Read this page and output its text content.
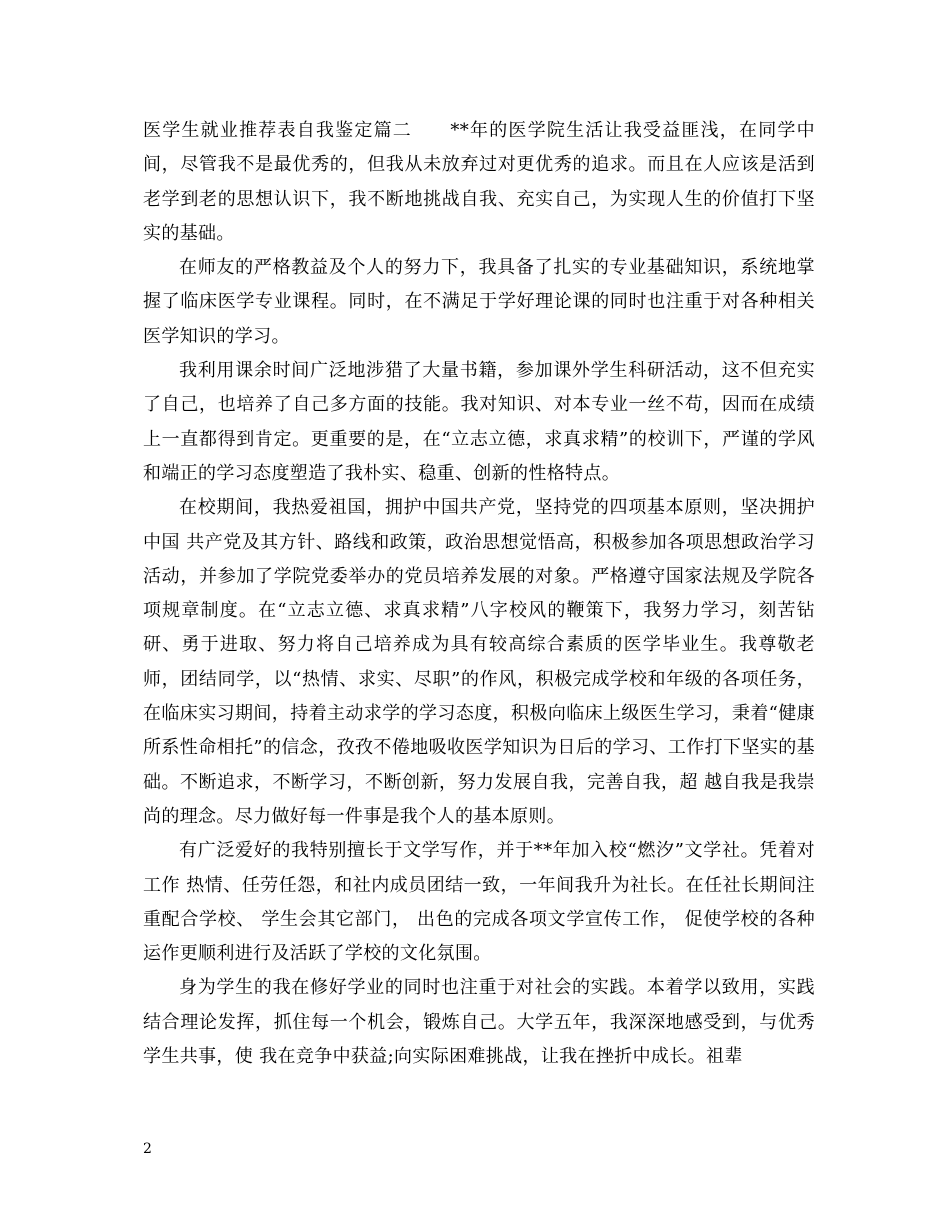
医学生就业推荐表自我鉴定篇二　　**年的医学院生活让我受益匪浅，在同学中间，尽管我不是最优秀的，但我从未放弃过对更优秀的追求。而且在人应该是活到老学到老的思想认识下，我不断地挑战自我、充实自己，为实现人生的价值打下坚实的基础。

在师友的严格教益及个人的努力下，我具备了扎实的专业基础知识，系统地掌握了临床医学专业课程。同时，在不满足于学好理论课的同时也注重于对各种相关医学知识的学习。

我利用课余时间广泛地涉猎了大量书籍，参加课外学生科研活动，这不但充实了自己，也培养了自己多方面的技能。我对知识、对本专业一丝不苟，因而在成绩上一直都得到肯定。更重要的是，在“立志立德，求真求精”的校训下，严谨的学风 和端正的学习态度塑造了我朴实、稳重、创新的性格特点。

在校期间，我热爱祖国，拥护中国共产党，坚持党的四项基本原则，坚决拥护中国 共产党及其方针、路线和政策，政治思想觉悟高，积极参加各项思想政治学习活动，并参加了学院党委举办的党员培养发展的对象。严格遵守国家法规及学院各项规章制度。在“立志立德、求真求精”八字校风的鞭策下，我努力学习，刻苦钻研、勇于进取、努力将自己培养成为具有较高综合素质的医学毕业生。我尊敬老师，团结同学，以“热情、求实、尽职”的作风，积极完成学校和年级的各项任务，在临床实习期间，持着主动求学的学习态度，积极向临床上级医生学习，秉着“健康所系性命相托”的信念，孜孜不倦地吸收医学知识为日后的学习、工作打下坚实的基础。不断追求，不断学习，不断创新，努力发展自我，完善自我，超 越自我是我崇尚的理念。尽力做好每一件事是我个人的基本原则。

有广泛爱好的我特别擅长于文学写作，并于**年加入校“燃汐”文学社。凭着对工作 热情、任劳任怨，和社内成员团结一致，一年间我升为社长。在任社长期间注重配合学校、 学生会其它部门， 出色的完成各项文学宣传工作， 促使学校的各种运作更顺利进行及活跃了学校的文化氛围。

身为学生的我在修好学业的同时也注重于对社会的实践。本着学以致用，实践结合理论发挥，抓住每一个机会，锻炼自己。大学五年，我深深地感受到，与优秀学生共事，使 我在竞争中获益;向实际困难挑战，让我在挫折中成长。祖辈

2
